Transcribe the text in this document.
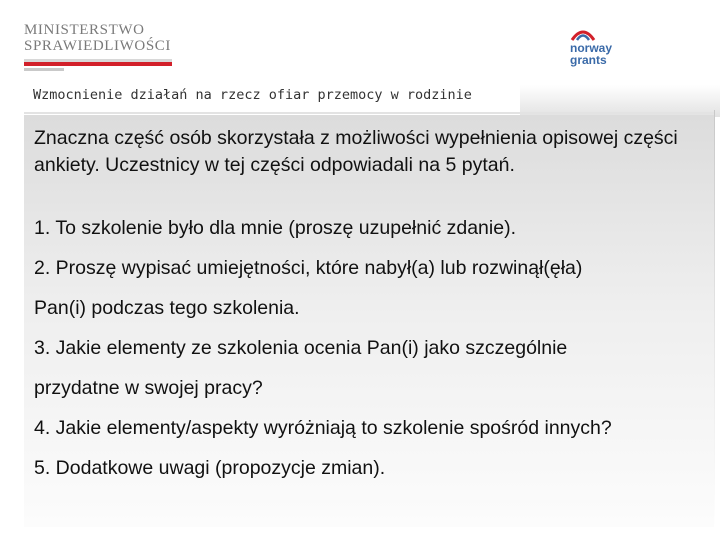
MINISTERSTWO
SPRAWIEDLIWOŚCI	norway
grants
Wzmocnienie działań na rzecz ofiar przemocy w rodzinie

Znaczna część osób skorzystała z możliwości wypełnienia opisowej części ankiety. Uczestnicy w tej części odpowiadali na 5 pytań.

1. To szkolenie było dla mnie (proszę uzupełnić zdanie).

2. Proszę wypisać umiejętności, które nabył(a) lub rozwinął(ęła)

Pan(i) podczas tego szkolenia.

3. Jakie elementy ze szkolenia ocenia Pan(i) jako szczególnie

przydatne w swojej pracy?

4. Jakie elementy/aspekty wyróżniają to szkolenie spośród innych?

5. Dodatkowe uwagi (propozycje zmian).
